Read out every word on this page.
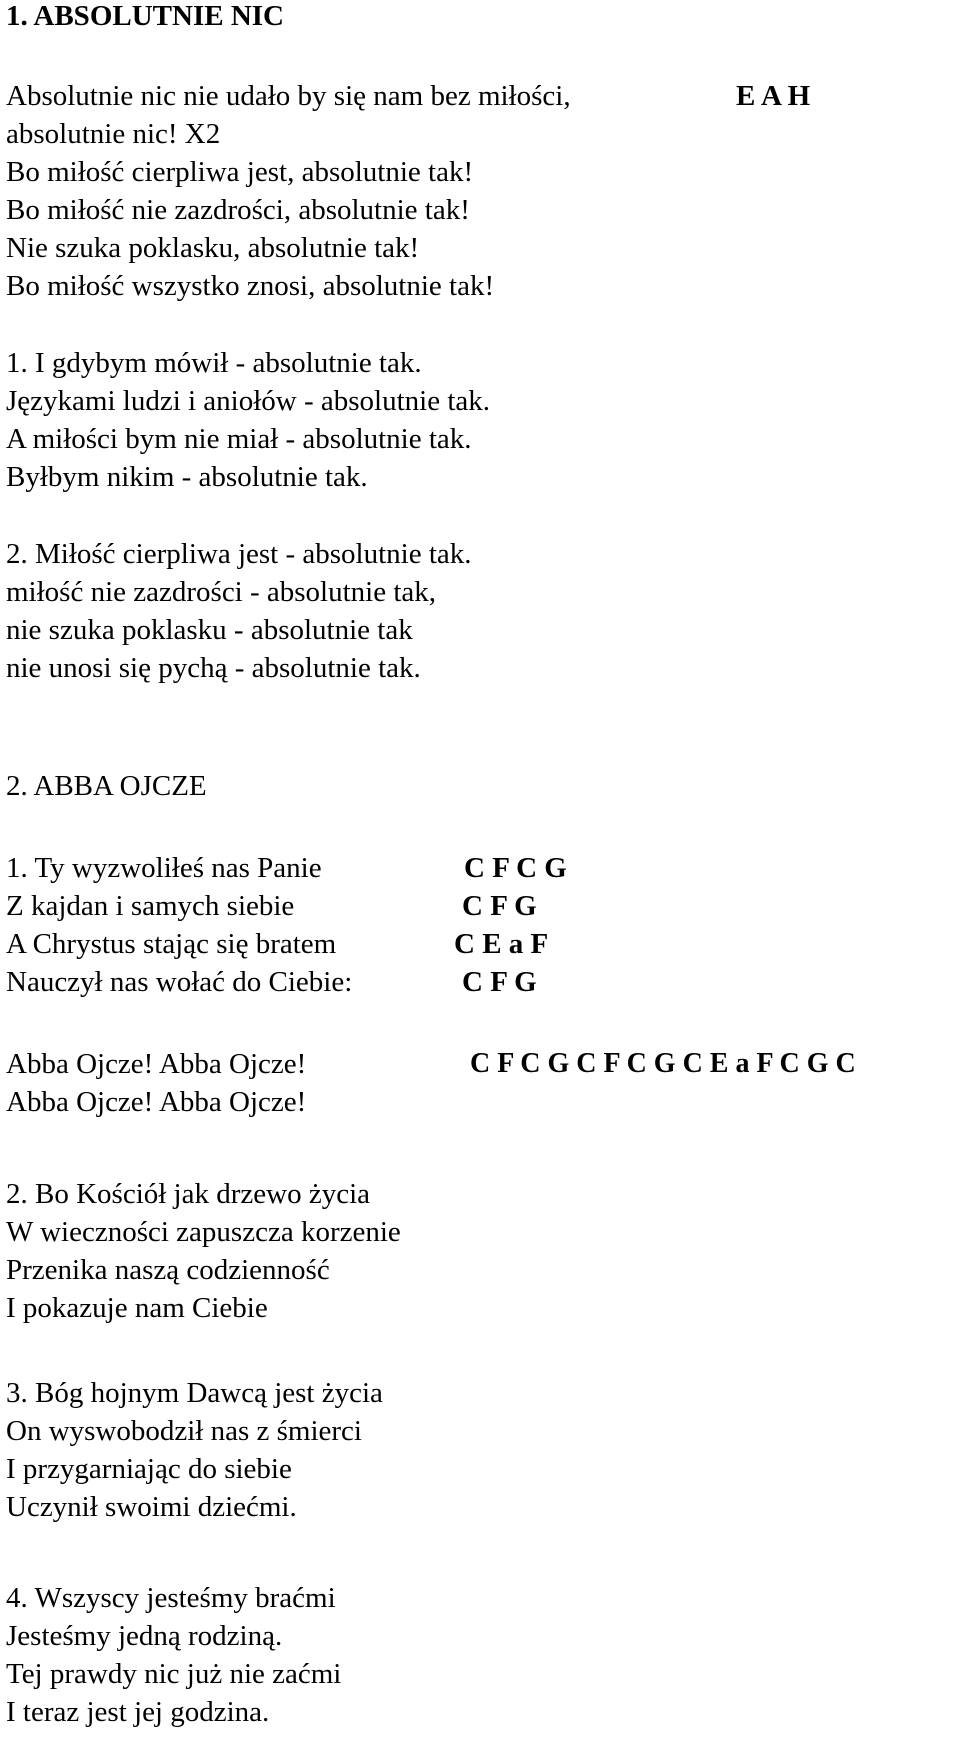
1. ABSOLUTNIE NIC
E A H
Absolutnie nic nie udało by się nam bez miłości,
absolutnie nic! X2
Bo miłość cierpliwa jest, absolutnie tak!
Bo miłość nie zazdrości, absolutnie tak!
Nie szuka poklasku, absolutnie tak!
Bo miłość wszystko znosi, absolutnie tak!
1. I gdybym mówił - absolutnie tak.
Językami ludzi i aniołów - absolutnie tak.
A miłości bym nie miał - absolutnie tak.
Byłbym nikim - absolutnie tak.
2. Miłość cierpliwa jest - absolutnie tak.
miłość nie zazdrości - absolutnie tak,
nie szuka poklasku - absolutnie tak
nie unosi się pychą - absolutnie tak.
2. ABBA OJCZE
1. Ty wyzwoliłeś nas Panie
Z kajdan i samych siebie
A Chrystus stając się bratem
Nauczył nas wołać do Ciebie:
C F C G
C F G
C E a F
C F G
Abba Ojcze! Abba Ojcze!
Abba Ojcze! Abba Ojcze!
C F C G C F C G C E a F C G C
2. Bo Kościół jak drzewo życia
W wieczności zapuszcza korzenie
Przenika naszą codzienność
I pokazuje nam Ciebie
3. Bóg hojnym Dawcą jest życia
On wyswobodził nas z śmierci
I przygarniając do siebie
Uczynił swoimi dziećmi.
4. Wszyscy jesteśmy braćmi
Jesteśmy jedną rodziną.
Tej prawdy nic już nie zaćmi
I teraz jest jej godzina.
